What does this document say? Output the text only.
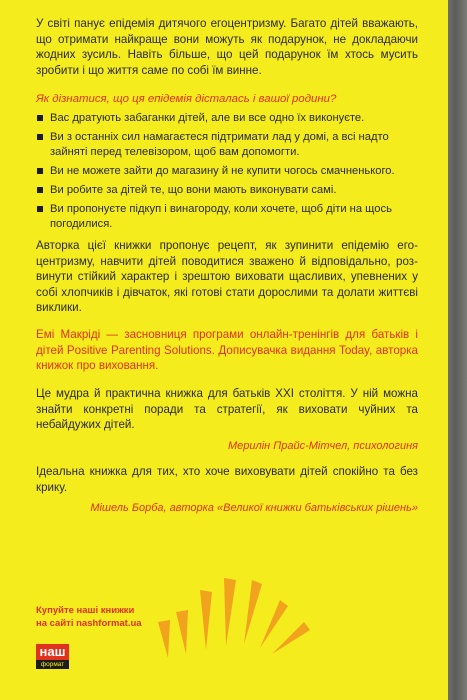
У світі панує епідемія дитячого егоцентризму. Багато дітей вважають, що отримати найкраще вони можуть як подарунок, не докладаючи жодних зусиль. Навіть більше, що цей подарунок їм хтось мусить зробити і що життя саме по собі їм винне.
Як дізнатися, що ця епідемія дісталась і вашої родини?
Вас дратують забаганки дітей, але ви все одно їх виконуєте.
Ви з останніх сил намагаєтеся підтримати лад у домі, а всі надто зайняті перед телевізором, щоб вам допомогти.
Ви не можете зайти до магазину й не купити чогось смачненького.
Ви робите за дітей те, що вони мають виконувати самі.
Ви пропонуєте підкуп і винагороду, коли хочете, щоб діти на щось погодилися.
Авторка цієї книжки пропонує рецепт, як зупинити епідемію егоцентризму, навчити дітей поводитися зважено й відповідально, розвинути стійкий характер і зрештою виховати щасливих, упевнених у собі хлопчиків і дівчаток, які готові стати дорослими та долати життєві виклики.
Емі Макріді — засновниця програми онлайн-тренінгів для батьків і дітей Positive Parenting Solutions. Дописувачка видання Today, авторка книжок про виховання.
Це мудра й практична книжка для батьків XXI століття. У ній можна знайти конкретні поради та стратегії, як виховати чуйних та небайдужих дітей.
Мерилін Прайс-Мітчел, психологиня
Ідеальна книжка для тих, хто хоче виховувати дітей спокійно та без крику.
Мішель Борба, авторка «Великої книжки батьківських рішень»
Купуйте наші книжки
на сайті nashformat.ua
наш
формат
